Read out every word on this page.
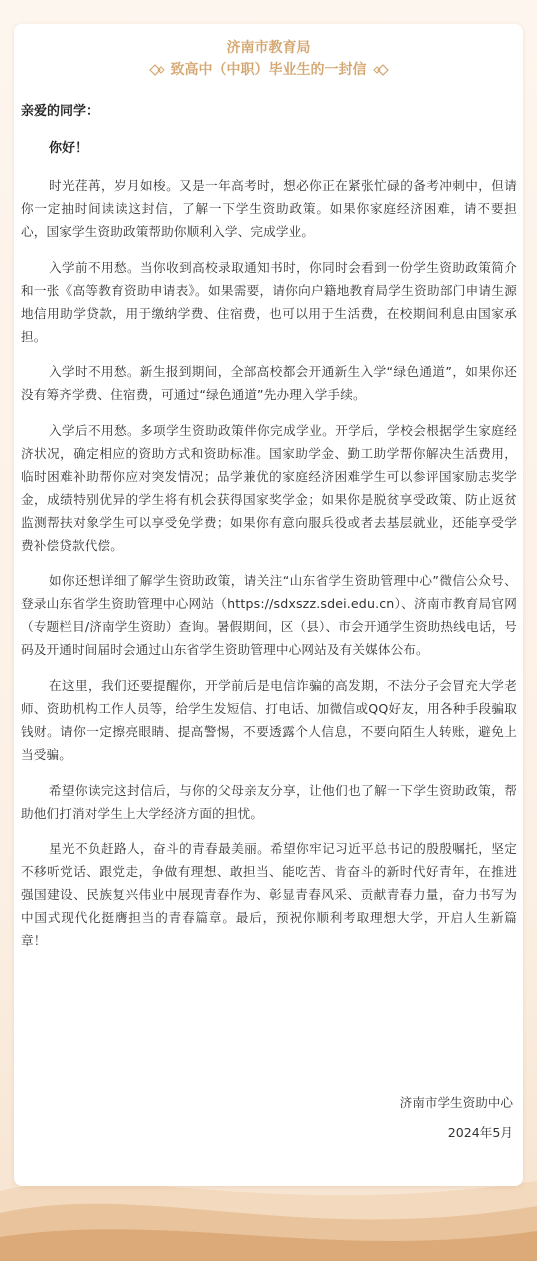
济南市教育局
致高中（中职）毕业生的一封信
亲爱的同学：
你好！

时光荏苒，岁月如梭。又是一年高考时，想必你正在紧张忙碌的备考冲刺中，但请你一定抽时间读读这封信，了解一下学生资助政策。如果你家庭经济困难，请不要担心，国家学生资助政策帮助你顺利入学、完成学业。

入学前不用愁。当你收到高校录取通知书时，你同时会看到一份学生资助政策简介和一张《高等教育资助申请表》。如果需要，请你向户籍地教育局学生资助部门申请生源地信用助学贷款，用于缴纳学费、住宿费，也可以用于生活费，在校期间利息由国家承担。

入学时不用愁。新生报到期间，全部高校都会开通新生入学“绿色通道”，如果你还没有筹齐学费、住宿费，可通过“绿色通道”先办理入学手续。

入学后不用愁。多项学生资助政策伴你完成学业。开学后，学校会根据学生家庭经济状况，确定相应的资助方式和资助标准。国家助学金、勤工助学帮你解决生活费用，临时困难补助帮你应对突发情况；品学兼优的家庭经济困难学生可以参评国家励志奖学金，成绩特别优异的学生将有机会获得国家奖学金；如果你是脱贫享受政策、防止返贫监测帮扶对象学生可以享受免学费；如果你有意向服兵役或者去基层就业，还能享受学费补偿贷款代偿。

如你还想详细了解学生资助政策，请关注“山东省学生资助管理中心”微信公众号、登录山东省学生资助管理中心网站（https://sdxszz.sdei.edu.cn）、济南市教育局官网（专题栏目/济南学生资助）查询。暑假期间，区（县）、市会开通学生资助热线电话，号码及开通时间届时会通过山东省学生资助管理中心网站及有关媒体公布。

在这里，我们还要提醒你，开学前后是电信诈骗的高发期，不法分子会冒充大学老师、资助机构工作人员等，给学生发短信、打电话、加微信或QQ好友，用各种手段骗取钱财。请你一定擦亮眼睛、提高警惕，不要透露个人信息，不要向陌生人转账，避免上当受骗。

希望你读完这封信后，与你的父母亲友分享，让他们也了解一下学生资助政策，帮助他们打消对学生上大学经济方面的担忧。

星光不负赶路人，奋斗的青春最美丽。希望你牢记习近平总书记的殷殷嘱托，坚定不移听党话、跟党走，争做有理想、敢担当、能吃苦、肯奋斗的新时代好青年，在推进强国建设、民族复兴伟业中展现青春作为、彰显青春风采、贡献青春力量，奋力书写为中国式现代化挺膺担当的青春篇章。最后，预祝你顺利考取理想大学，开启人生新篇章！

济南市学生资助中心
2024年5月
